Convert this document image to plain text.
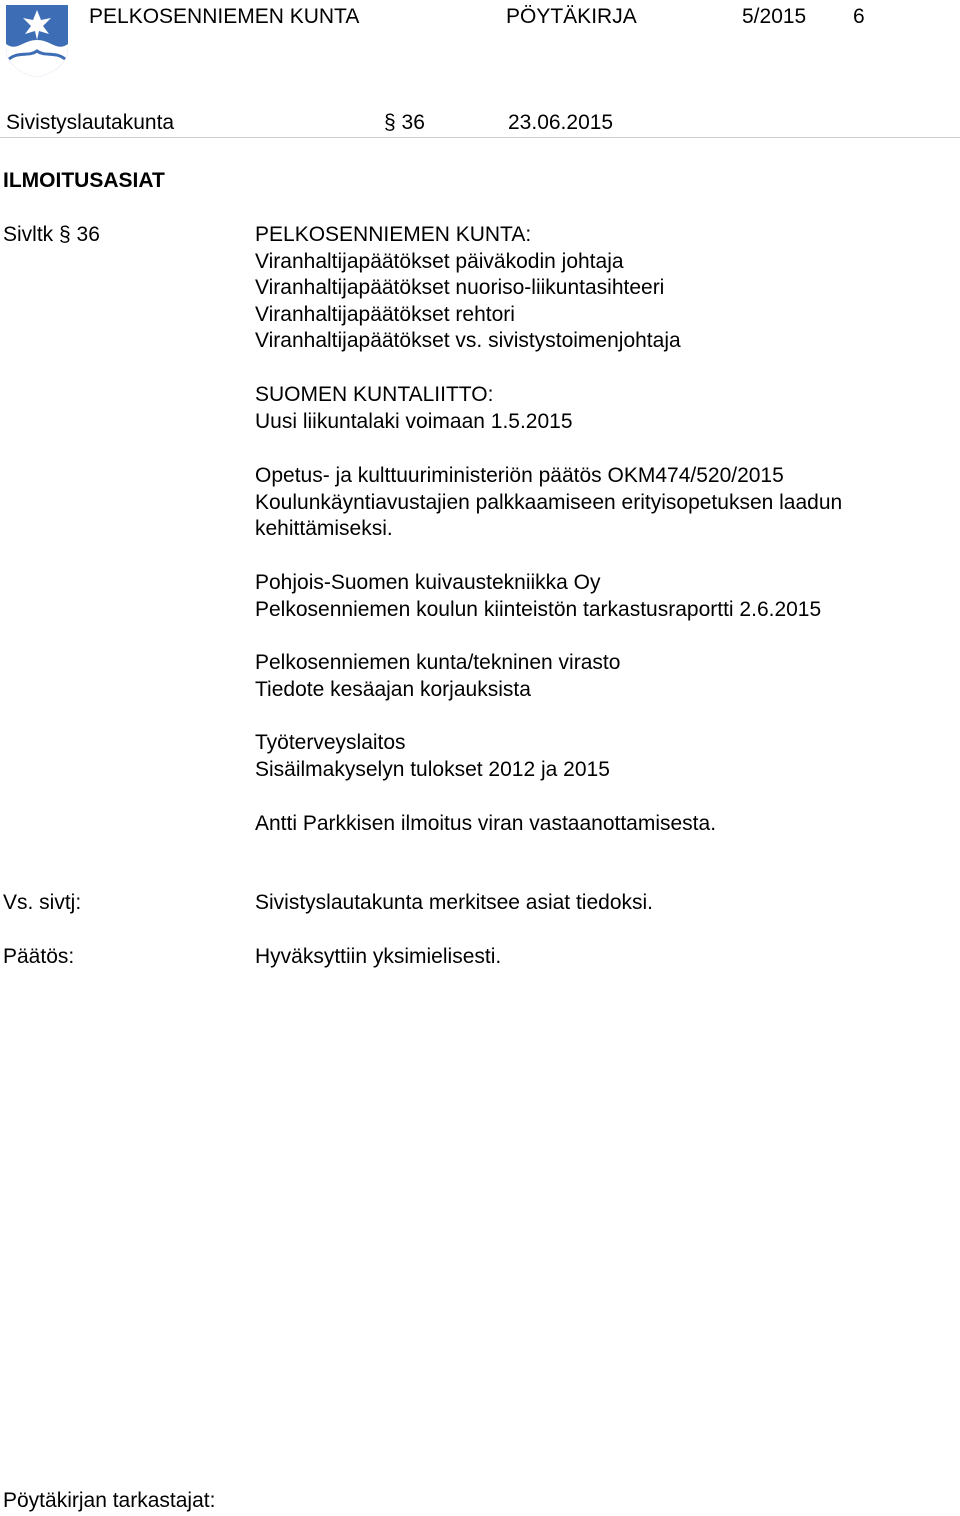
PELKOSENNIEMEN KUNTA	PÖYTÄKIRJA	5/2015 6
Sivistyslautakunta	§ 36	23.06.2015
ILMOITUSASIAT
Sivltk § 36	PELKOSENNIEMEN KUNTA:
Viranhaltijapäätökset päiväkodin johtaja
Viranhaltijapäätökset nuoriso-liikuntasihteeri
Viranhaltijapäätökset rehtori
Viranhaltijapäätökset vs. sivistystoimenjohtaja
SUOMEN KUNTALIITTO:
Uusi liikuntalaki voimaan 1.5.2015
Opetus- ja kulttuuriministeriön päätös OKM474/520/2015
Koulunkäyntiavustajien palkkaamiseen erityisopetuksen laadun
kehittämiseksi.
Pohjois-Suomen kuivaustekniikka Oy
Pelkosenniemen koulun kiinteistön tarkastusraportti 2.6.2015
Pelkosenniemen kunta/tekninen virasto
Tiedote kesäajan korjauksista
Työterveyslaitos
Sisäilmakyselyn tulokset 2012 ja 2015
Antti Parkkisen ilmoitus viran vastaanottamisesta.
Vs. sivtj:	Sivistyslautakunta merkitsee asiat tiedoksi.
Päätös:	Hyväksyttiin yksimielisesti.
Pöytäkirjan tarkastajat:
